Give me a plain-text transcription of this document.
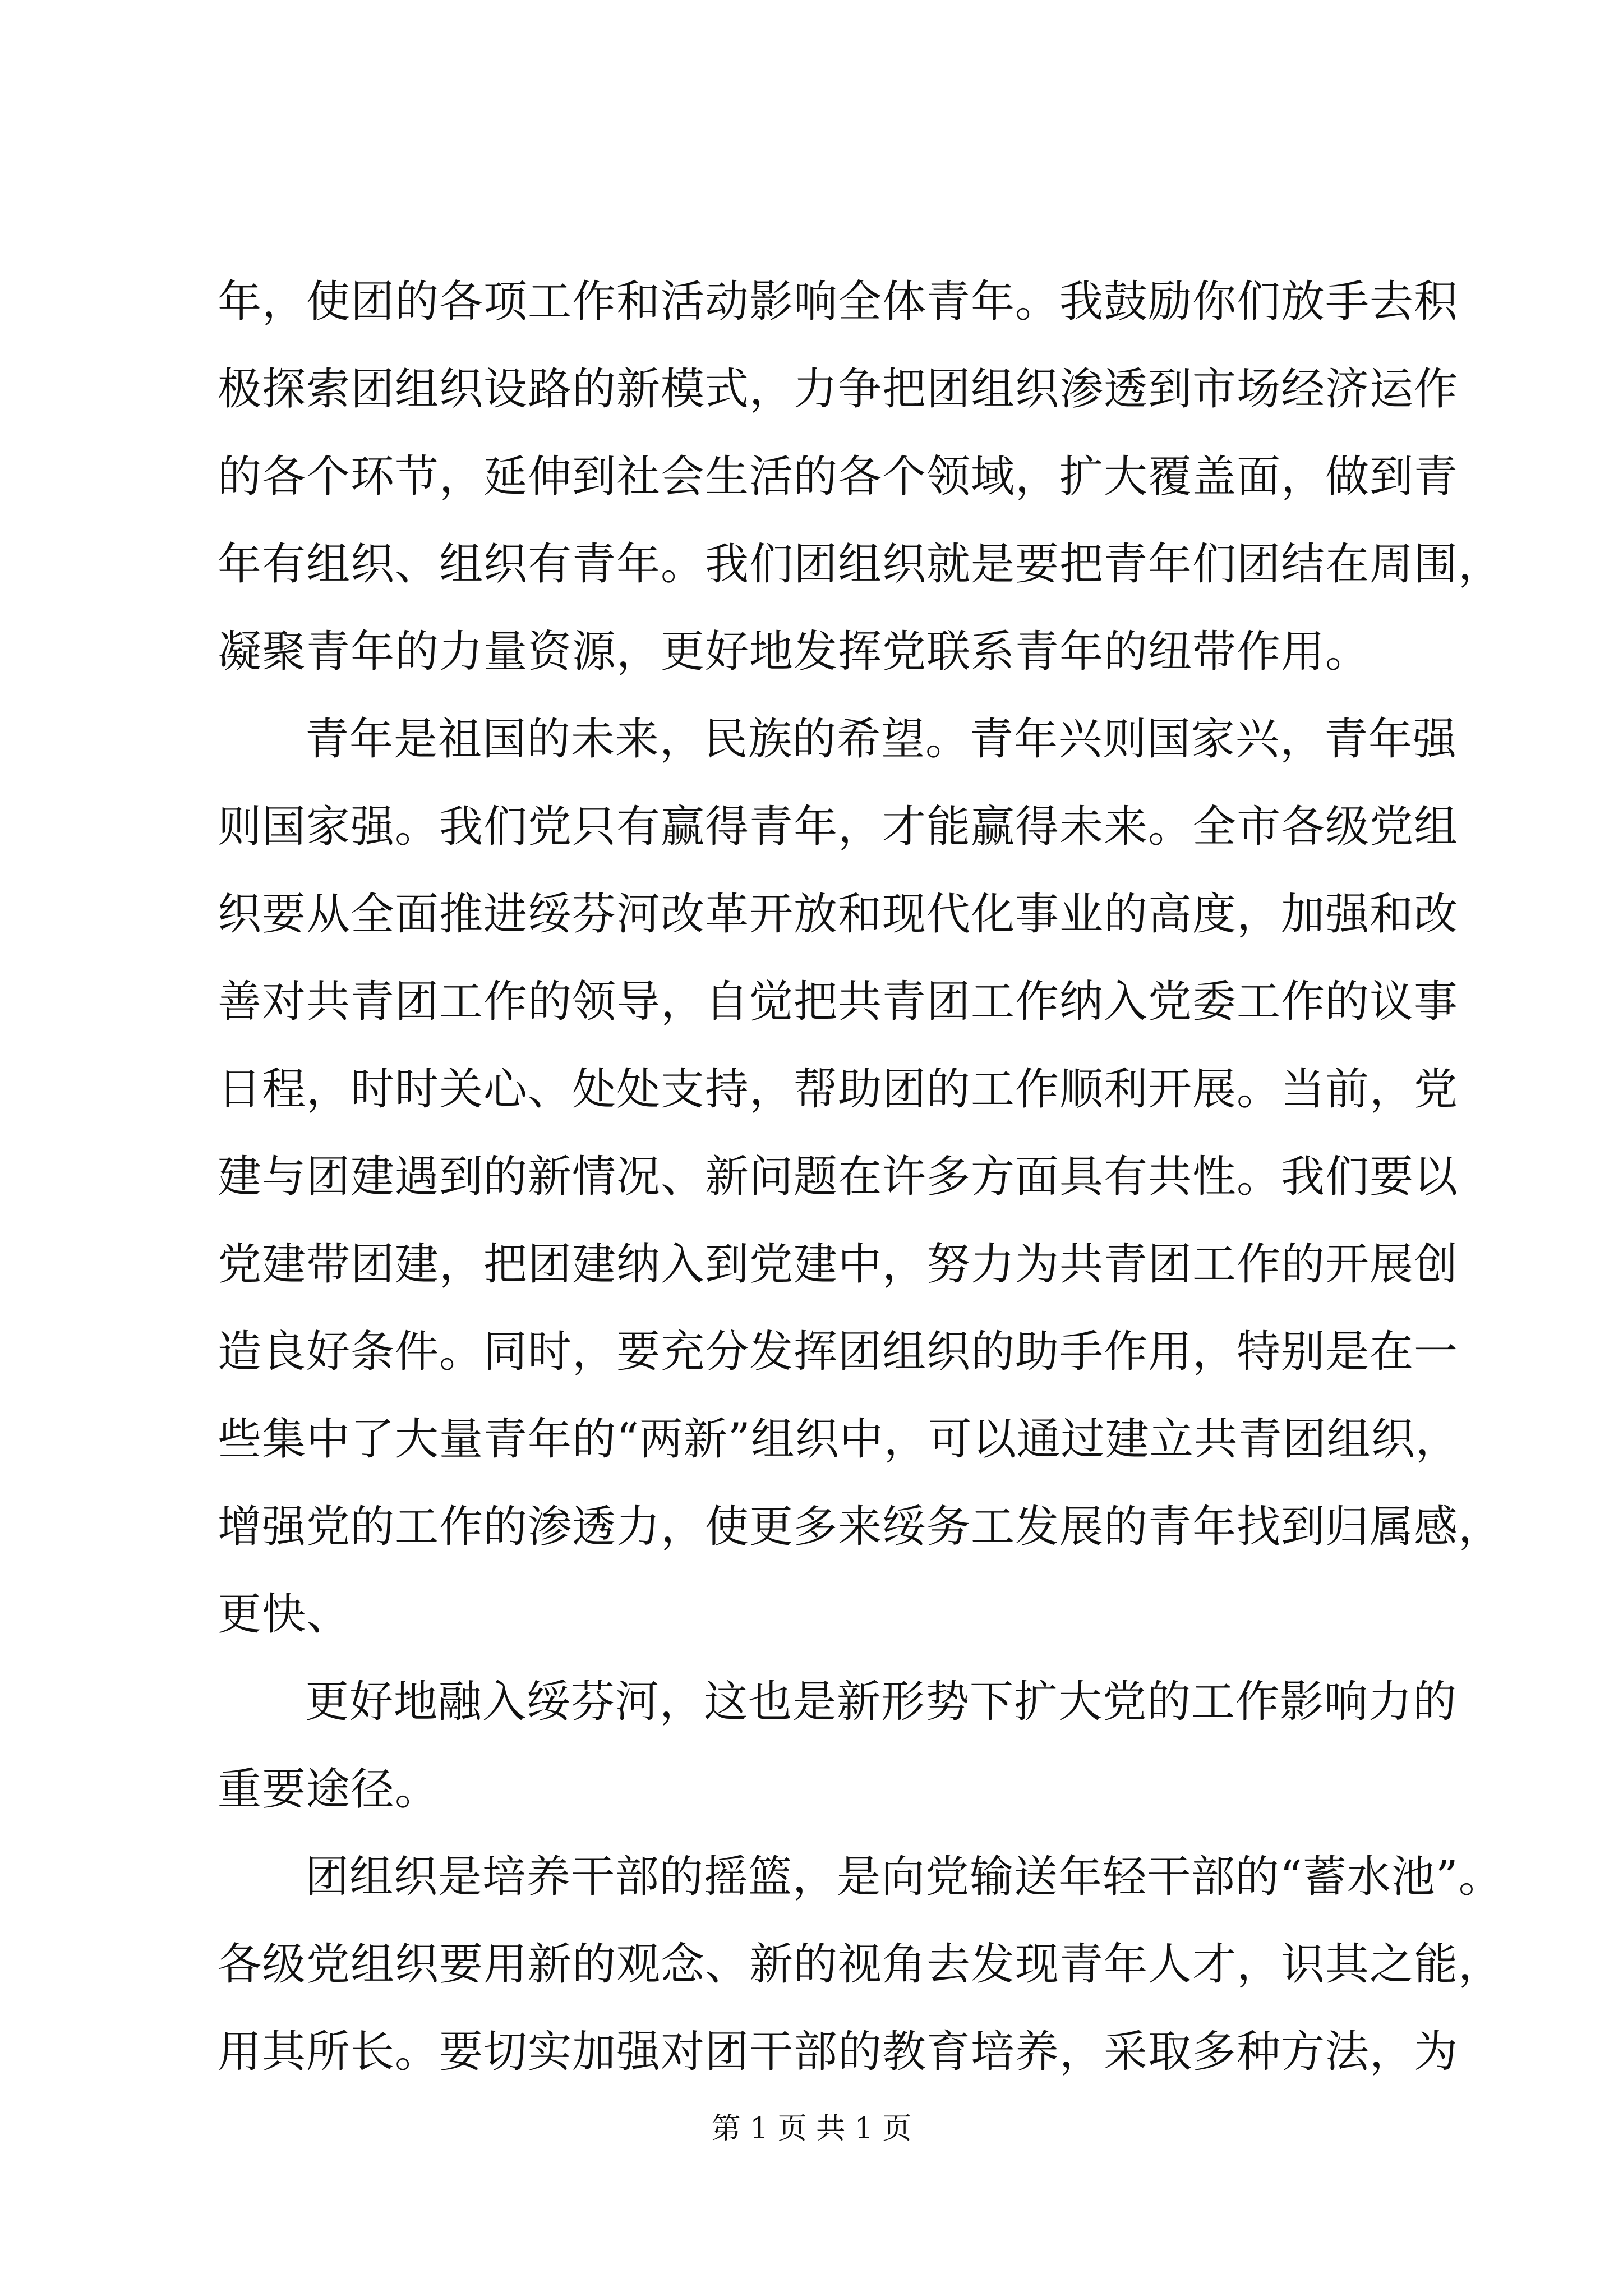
年，使团的各项工作和活动影响全体青年。我鼓励你们放手去积
极探索团组织设路的新模式，力争把团组织渗透到市场经济运作
的各个环节，延伸到社会生活的各个领域，扩大覆盖面，做到青
年有组织、组织有青年。我们团组织就是要把青年们团结在周围，
凝聚青年的力量资源，更好地发挥党联系青年的纽带作用。
青年是祖国的未来，民族的希望。青年兴则国家兴，青年强
则国家强。我们党只有赢得青年，才能赢得未来。全市各级党组
织要从全面推进绥芬河改革开放和现代化事业的高度，加强和改
善对共青团工作的领导，自觉把共青团工作纳入党委工作的议事
日程，时时关心、处处支持，帮助团的工作顺利开展。当前，党
建与团建遇到的新情况、新问题在许多方面具有共性。我们要以
党建带团建，把团建纳入到党建中，努力为共青团工作的开展创
造良好条件。同时，要充分发挥团组织的助手作用，特别是在一
些集中了大量青年的“两新”组织中，可以通过建立共青团组织，
增强党的工作的渗透力，使更多来绥务工发展的青年找到归属感，
更快、
更好地融入绥芬河，这也是新形势下扩大党的工作影响力的
重要途径。
团组织是培养干部的摇篮，是向党输送年轻干部的“蓄水池”。
各级党组织要用新的观念、新的视角去发现青年人才，识其之能，
用其所长。要切实加强对团干部的教育培养，采取多种方法，为
第 1 页 共 1 页
